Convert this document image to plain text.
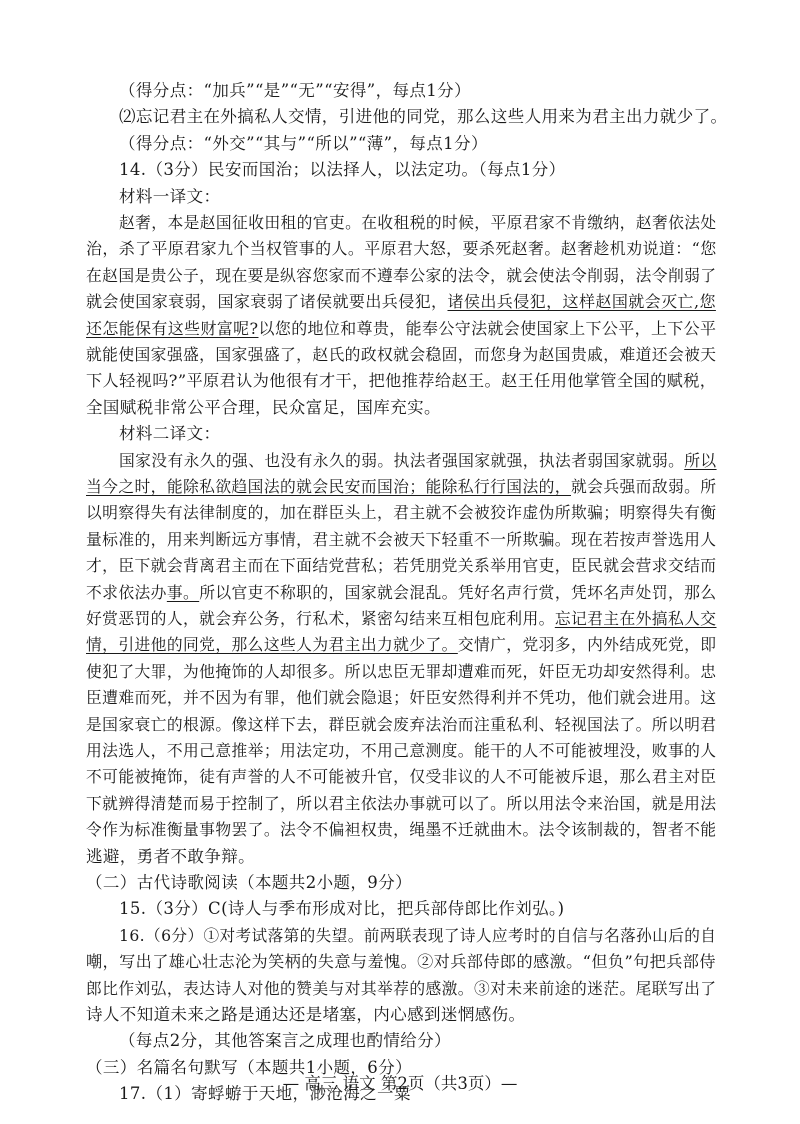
（得分点：“加兵”“是”“无”“安得”，每点1分）
⑵忘记君主在外搞私人交情，引进他的同党，那么这些人用来为君主出力就少了。
（得分点：“外交”“其与”“所以”“薄”，每点1分）
14.（3分）民安而国治；以法择人，以法定功。（每点1分）
材料一译文：
赵奢，本是赵国征收田租的官吏。在收租税的时候，平原君家不肯缴纳，赵奢依法处
治，杀了平原君家九个当权管事的人。平原君大怒，要杀死赵奢。赵奢趁机劝说道：“您
在赵国是贵公子，现在要是纵容您家而不遵奉公家的法令，就会使法令削弱，法令削弱了
就会使国家衰弱，国家衰弱了诸侯就要出兵侵犯，诸侯出兵侵犯，这样赵国就会灭亡,您
还怎能保有这些财富呢?以您的地位和尊贵，能奉公守法就会使国家上下公平，上下公平
就能使国家强盛，国家强盛了，赵氏的政权就会稳固，而您身为赵国贵戚，难道还会被天
下人轻视吗?”平原君认为他很有才干，把他推荐给赵王。赵王任用他掌管全国的赋税，
全国赋税非常公平合理，民众富足，国库充实。
材料二译文：
国家没有永久的强、也没有永久的弱。执法者强国家就强，执法者弱国家就弱。所以
当今之时，能除私欲趋国法的就会民安而国治；能除私行行国法的，就会兵强而敌弱。所
以明察得失有法律制度的，加在群臣头上，君主就不会被狡诈虚伪所欺骗；明察得失有衡
量标准的，用来判断远方事情，君主就不会被天下轻重不一所欺骗。现在若按声誉选用人
才，臣下就会背离君主而在下面结党营私；若凭朋党关系举用官吏，臣民就会营求交结而
不求依法办事。所以官吏不称职的，国家就会混乱。凭好名声行赏，凭坏名声处罚，那么
好赏恶罚的人，就会弃公务，行私术，紧密勾结来互相包庇利用。忘记君主在外搞私人交
情，引进他的同党，那么这些人为君主出力就少了。交情广，党羽多，内外结成死党，即
使犯了大罪，为他掩饰的人却很多。所以忠臣无罪却遭难而死，奸臣无功却安然得利。忠
臣遭难而死，并不因为有罪，他们就会隐退；奸臣安然得利并不凭功，他们就会进用。这
是国家衰亡的根源。像这样下去，群臣就会废弃法治而注重私利、轻视国法了。所以明君
用法选人，不用己意推举；用法定功，不用己意测度。能干的人不可能被埋没，败事的人
不可能被掩饰，徒有声誉的人不可能被升官，仅受非议的人不可能被斥退，那么君主对臣
下就辨得清楚而易于控制了，所以君主依法办事就可以了。所以用法令来治国，就是用法
令作为标准衡量事物罢了。法令不偏袒权贵，绳墨不迁就曲木。法令该制裁的，智者不能
逃避，勇者不敢争辩。
（二）古代诗歌阅读（本题共2小题，9分）
15.（3分）C(诗人与季布形成对比，把兵部侍郎比作刘弘。)
16.（6分）①对考试落第的失望。前两联表现了诗人应考时的自信与名落孙山后的自
嘲，写出了雄心壮志沦为笑柄的失意与羞愧。②对兵部侍郎的感激。“但负”句把兵部侍
郎比作刘弘，表达诗人对他的赞美与对其举荐的感激。③对未来前途的迷茫。尾联写出了
诗人不知道未来之路是通达还是堵塞，内心感到迷惘感伤。
（每点2分，其他答案言之成理也酌情给分）
（三）名篇名句默写（本题共1小题，6分）
17.（1）寄蜉蝣于天地，渺沧海之一粟
— 高三 语文 第2页（共3页）—
